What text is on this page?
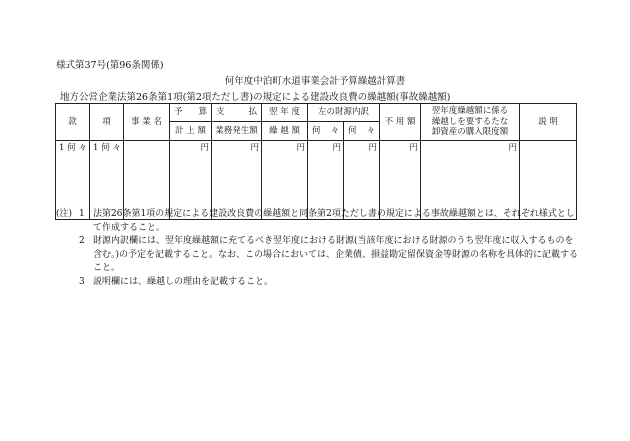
様式第37号(第96条関係)
何年度中泊町水道事業会計予算繰越計算書
地方公営企業法第26条第1項(第2項ただし書)の規定による建設改良費の繰越額(事故繰越額)
款	項	事 業 名	予 算	支 払	翌 年 度	左の財源内訳		不 用 額	翌年度繰越額に係る
繰越しを要するたな
卸資産の購入限度額	説 明
			計 上 額	業務発生額	繰 越 額	何 々	何 々			

1 何 々	1 何 々		円	円	円	円	円	円	円	
(注) 1 法第26条第1項の規定による建設改良費の繰越額と同条第2項ただし書の規定による事故繰越額とは、それぞれ様式として作成すること。
2 財源内訳欄には、翌年度繰越額に充てるべき翌年度における財源(当該年度における財源のうち翌年度に収入するものを含む。)の予定を記載すること。なお、この場合においては、企業債、損益勘定留保資金等財源の名称を具体的に記載すること。
3 説明欄には、繰越しの理由を記載すること。
